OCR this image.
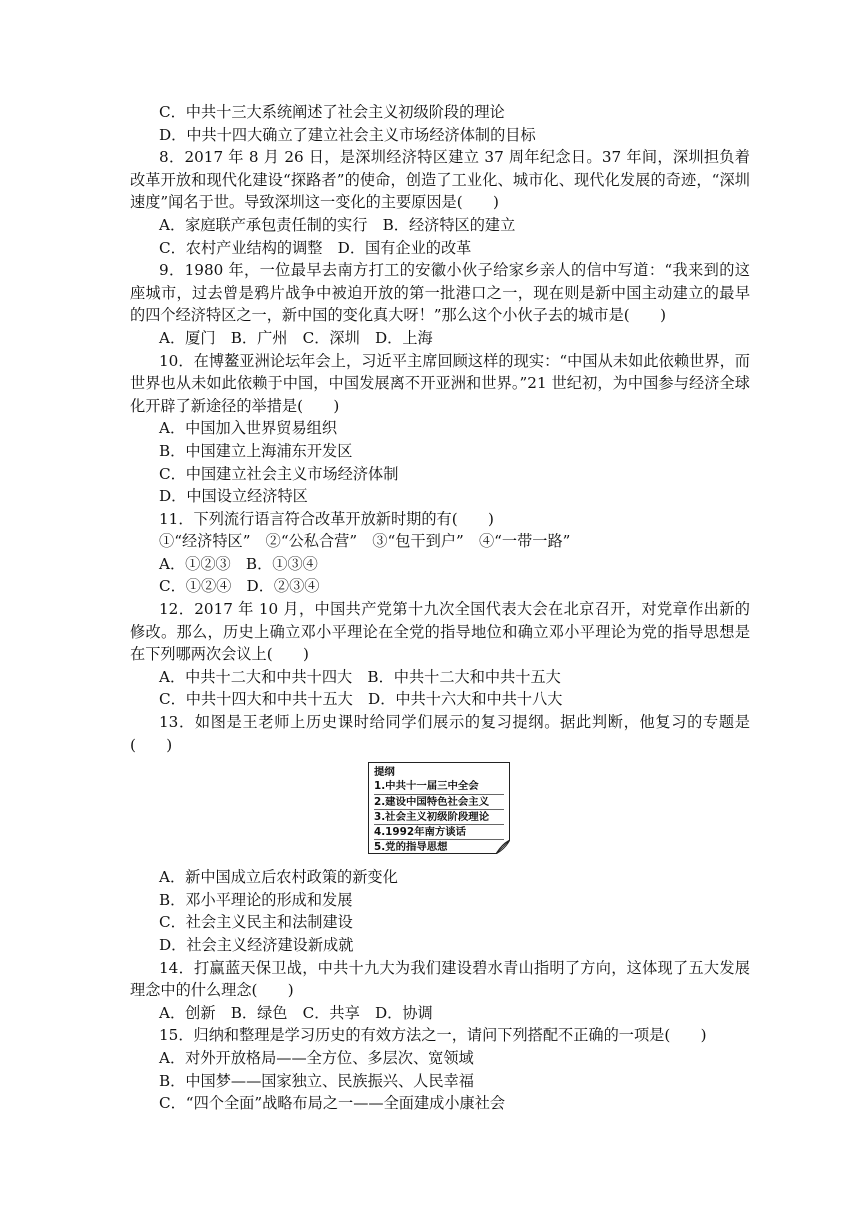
C．中共十三大系统阐述了社会主义初级阶段的理论
D．中共十四大确立了建立社会主义市场经济体制的目标
8．2017 年 8 月 26 日，是深圳经济特区建立 37 周年纪念日。37 年间，深圳担负着改革开放和现代化建设“探路者”的使命，创造了工业化、城市化、现代化发展的奇迹，“深圳速度”闻名于世。导致深圳这一变化的主要原因是(　　)
A．家庭联产承包责任制的实行　B．经济特区的建立
C．农村产业结构的调整　D．国有企业的改革
9．1980 年，一位最早去南方打工的安徽小伙子给家乡亲人的信中写道：“我来到的这座城市，过去曾是鸦片战争中被迫开放的第一批港口之一，现在则是新中国主动建立的最早的四个经济特区之一，新中国的变化真大呀！”那么这个小伙子去的城市是(　　)
A．厦门　B．广州　C．深圳　D．上海
10．在博鳌亚洲论坛年会上，习近平主席回顾这样的现实：“中国从未如此依赖世界，而世界也从未如此依赖于中国，中国发展离不开亚洲和世界。”21 世纪初，为中国参与经济全球化开辟了新途径的举措是(　　)
A．中国加入世界贸易组织
B．中国建立上海浦东开发区
C．中国建立社会主义市场经济体制
D．中国设立经济特区
11．下列流行语言符合改革开放新时期的有(　　)
①“经济特区”　②“公私合营”　③“包干到户”　④“一带一路”
A．①②③　B．①③④
C．①②④　D．②③④
12．2017 年 10 月，中国共产党第十九次全国代表大会在北京召开，对党章作出新的修改。那么，历史上确立邓小平理论在全党的指导地位和确立邓小平理论为党的指导思想是在下列哪两次会议上(　　)
A．中共十二大和中共十四大　B．中共十二大和中共十五大
C．中共十四大和中共十五大　D．中共十六大和中共十八大
13．如图是王老师上历史课时给同学们展示的复习提纲。据此判断，他复习的专题是(　　)
提纲
1.中共十一届三中全会
2.建设中国特色社会主义
3.社会主义初级阶段理论
4.1992年南方谈话
5.党的指导思想
A．新中国成立后农村政策的新变化
B．邓小平理论的形成和发展
C．社会主义民主和法制建设
D．社会主义经济建设新成就
14．打赢蓝天保卫战，中共十九大为我们建设碧水青山指明了方向，这体现了五大发展理念中的什么理念(　　)
A．创新　B．绿色　C．共享　D．协调
15．归纳和整理是学习历史的有效方法之一，请问下列搭配不正确的一项是(　　)
A．对外开放格局——全方位、多层次、宽领域
B．中国梦——国家独立、民族振兴、人民幸福
C．“四个全面”战略布局之一——全面建成小康社会
